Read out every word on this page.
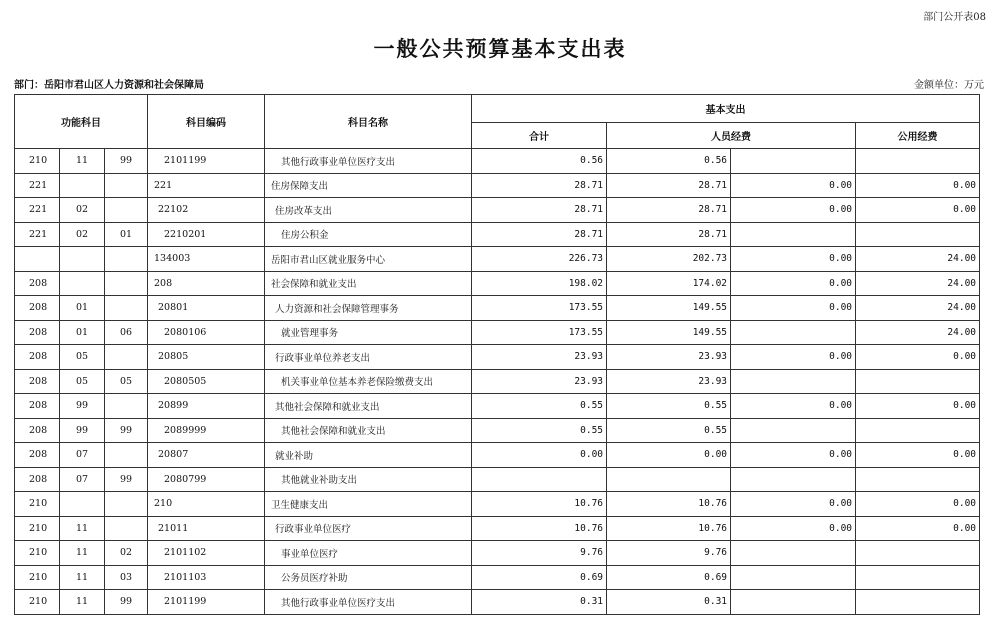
部门公开表08
一般公共预算基本支出表
部门：岳阳市君山区人力资源和社会保障局	金额单位：万元
功能科目			科目编码	科目名称	基本支出			
					合计	人员经费		公用经费
210	11	99	2101199	其他行政事业单位医疗支出	0.56	0.56		
221			221	住房保障支出	28.71	28.71	0.00	0.00
221	02		22102	住房改革支出	28.71	28.71	0.00	0.00
221	02	01	2210201	住房公积金	28.71	28.71		
			134003	岳阳市君山区就业服务中心	226.73	202.73	0.00	24.00
208			208	社会保障和就业支出	198.02	174.02	0.00	24.00
208	01		20801	人力资源和社会保障管理事务	173.55	149.55	0.00	24.00
208	01	06	2080106	就业管理事务	173.55	149.55		24.00
208	05		20805	行政事业单位养老支出	23.93	23.93	0.00	0.00
208	05	05	2080505	机关事业单位基本养老保险缴费支出	23.93	23.93		
208	99		20899	其他社会保障和就业支出	0.55	0.55	0.00	0.00
208	99	99	2089999	其他社会保障和就业支出	0.55	0.55		
208	07		20807	就业补助	0.00	0.00	0.00	0.00
208	07	99	2080799	其他就业补助支出				
210			210	卫生健康支出	10.76	10.76	0.00	0.00
210	11		21011	行政事业单位医疗	10.76	10.76	0.00	0.00
210	11	02	2101102	事业单位医疗	9.76	9.76		
210	11	03	2101103	公务员医疗补助	0.69	0.69		
210	11	99	2101199	其他行政事业单位医疗支出	0.31	0.31		
